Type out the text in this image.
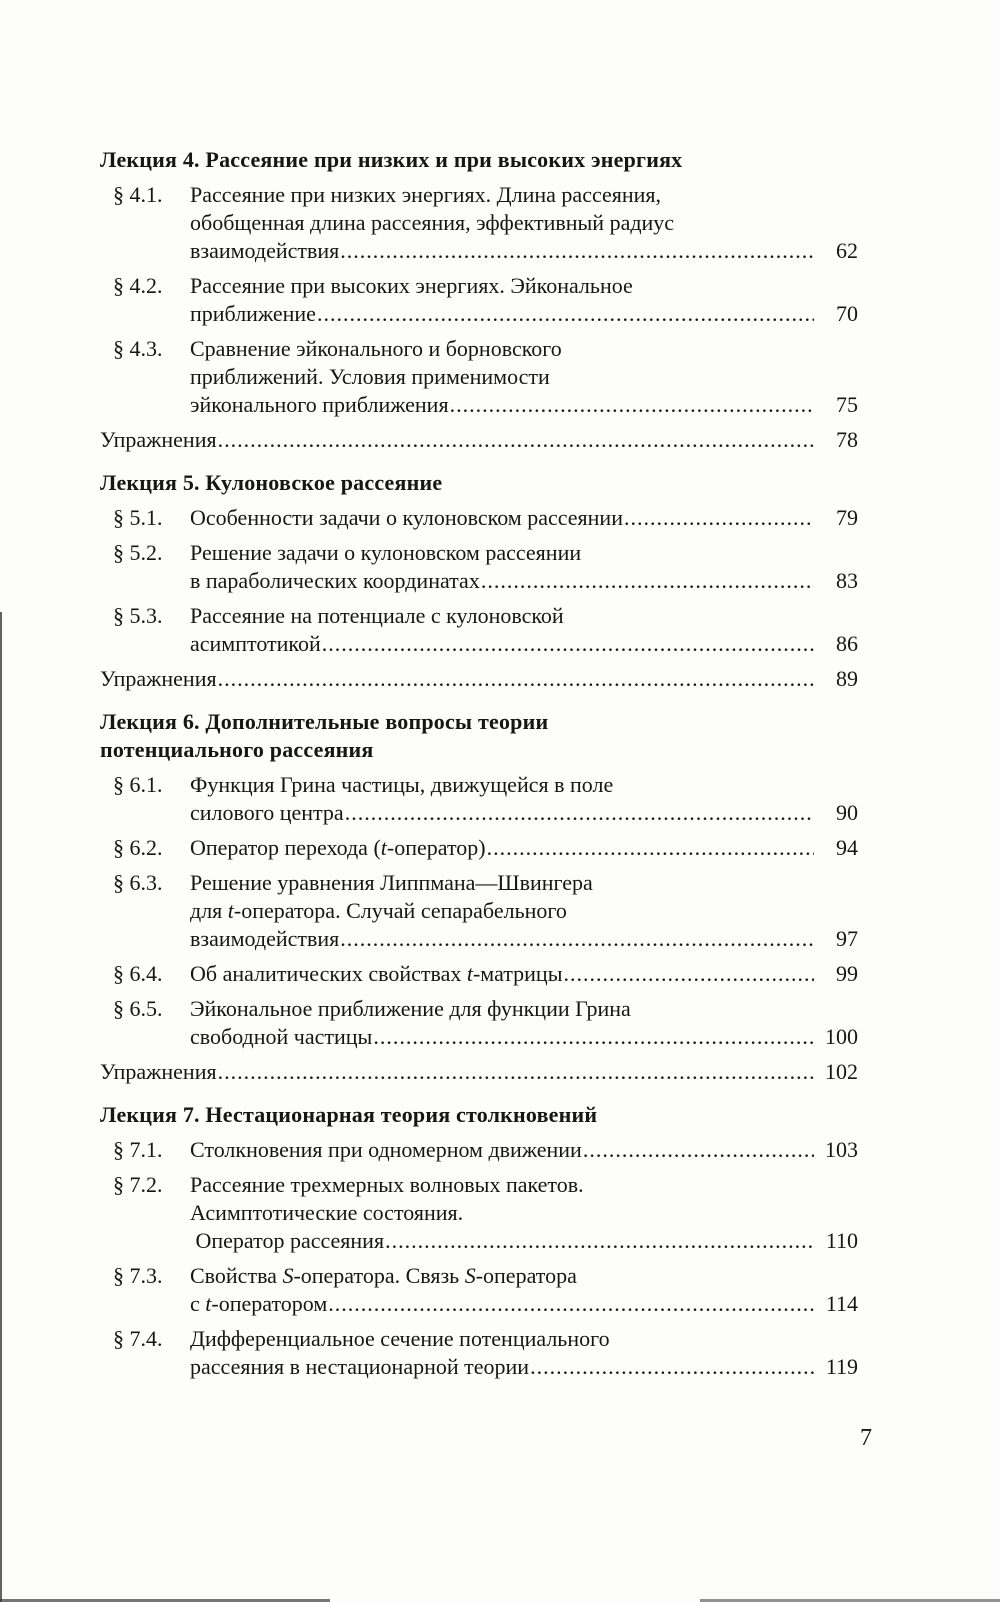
Лекция 4. Рассеяние при низких и при высоких энергиях
§ 4.1.	Рассеяние при низких энергиях. Длина рассеяния,
обобщенная длина рассеяния, эффективный радиус
взаимодействия .....	62
§ 4.2.	Рассеяние при высоких энергиях. Эйкональное
приближение .....	70
§ 4.3.	Сравнение эйконального и борновского
приближений. Условия применимости
эйконального приближения .....	75
Упражнения .....	78
Лекция 5. Кулоновское рассеяние
§ 5.1.	Особенности задачи о кулоновском рассеянии .....	79
§ 5.2.	Решение задачи о кулоновском рассеянии
в параболических координатах .....	83
§ 5.3.	Рассеяние на потенциале с кулоновской
асимптотикой .....	86
Упражнения .....	89
Лекция 6. Дополнительные вопросы теории
потенциального рассеяния
§ 6.1.	Функция Грина частицы, движущейся в поле
силового центра .....	90
§ 6.2.	Оператор перехода (t-оператор) .....	94
§ 6.3.	Решение уравнения Липпмана—Швингера
для t-оператора. Случай сепарабельного
взаимодействия .....	97
§ 6.4.	Об аналитических свойствах t-матрицы .....	99
§ 6.5.	Эйкональное приближение для функции Грина
свободной частицы .....	100
Упражнения .....	102
Лекция 7. Нестационарная теория столкновений
§ 7.1.	Столкновения при одномерном движении .....	103
§ 7.2.	Рассеяние трехмерных волновых пакетов.
Асимптотические состояния.
Оператор рассеяния .....	110
§ 7.3.	Свойства S-оператора. Связь S-оператора
с t-оператором .....	114
§ 7.4.	Дифференциальное сечение потенциального
рассеяния в нестационарной теории .....	119
7
